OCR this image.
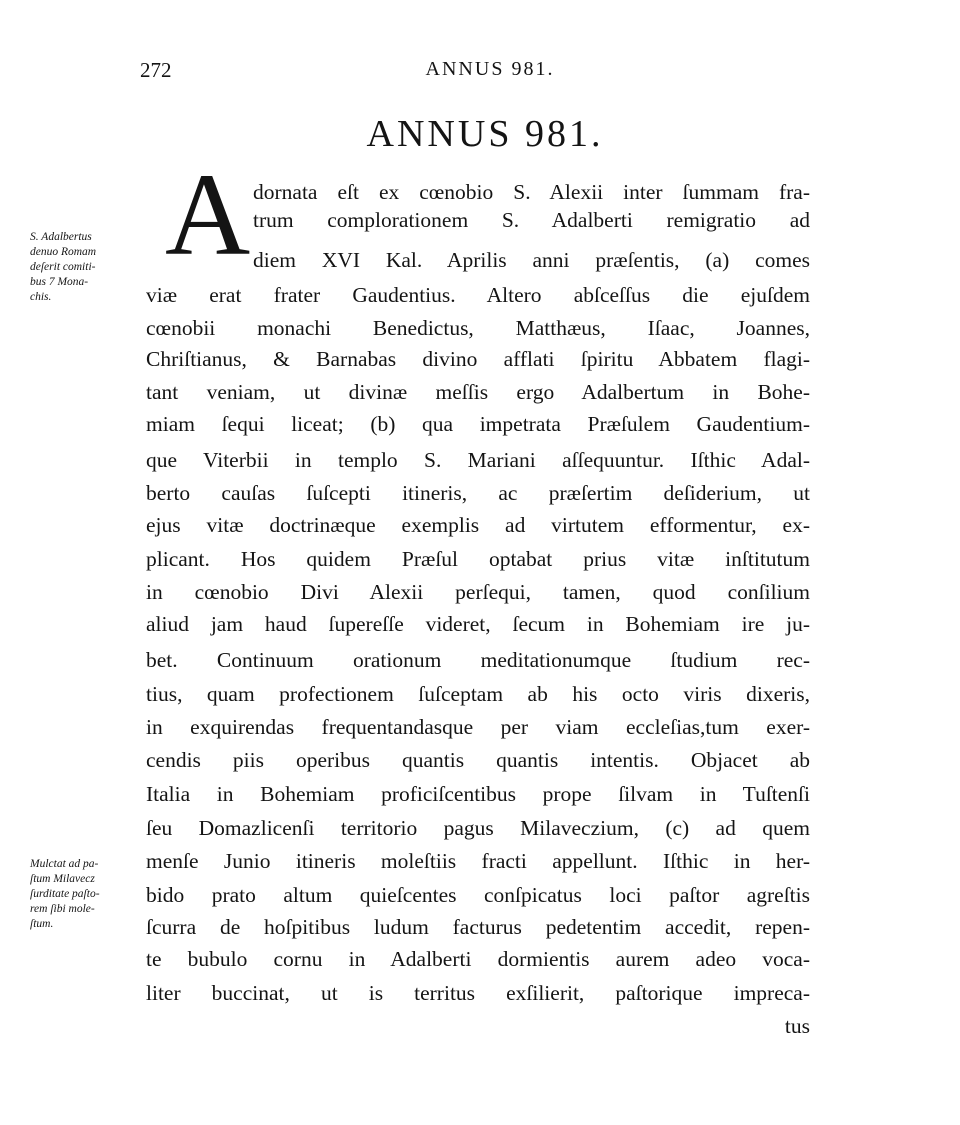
272	ANNUS 981.
ANNUS 981.
A dornata eſt ex cœnobio S. Alexii inter ſummam fra-
trum complorationem S. Adalberti remigratio ad
diem XVI Kal. Aprilis anni præſentis, (a) comes
viæ erat frater Gaudentius. Altero abſceſſus die ejuſdem
cœnobii monachi Benedictus, Matthæus, Iſaac, Joannes,
Chriſtianus, & Barnabas divino afflati ſpiritu Abbatem flagi-
tant veniam, ut divinæ meſſis ergo Adalbertum in Bohe-
miam ſequi liceat; (b) qua impetrata Præſulem Gaudentium-
que Viterbii in templo S. Mariani aſſequuntur. Iſthic Adal-
berto cauſas ſuſcepti itineris, ac præſertim deſiderium, ut
ejus vitæ doctrinæque exemplis ad virtutem efformentur, ex-
plicant. Hos quidem Præſul optabat prius vitæ inſtitutum
in cœnobio Divi Alexii perſequi, tamen, quod conſilium
aliud jam haud ſupereſſe videret, ſecum in Bohemiam ire ju-
bet. Continuum orationum meditationumque ſtudium rec-
tius, quam profectionem ſuſceptam ab his octo viris dixeris,
in exquirendas frequentandasque per viam eccleſias,tum exer-
cendis piis operibus quantis quantis intentis. Objacet ab
Italia in Bohemiam proficiſcentibus prope ſilvam in Tuſtenſi
ſeu Domazlicenſi territorio pagus Milaveczium, (c) ad quem
menſe Junio itineris moleſtiis fracti appellunt. Iſthic in her-
bido prato altum quieſcentes conſpicatus loci paſtor agreſtis
ſcurra de hoſpitibus ludum facturus pedetentim accedit, repen-
te bubulo cornu in Adalberti dormientis aurem adeo voca-
liter buccinat, ut is territus exſilierit, paſtorique impreca-
tus
S. Adalbertus
denuo Romam
deſerit comiti-
bus 7 Mona-
chis.
Mulctat ad pa-
ſtum Milavecz
ſurditate paſto-
rem ſibi mole-
ſtum.
